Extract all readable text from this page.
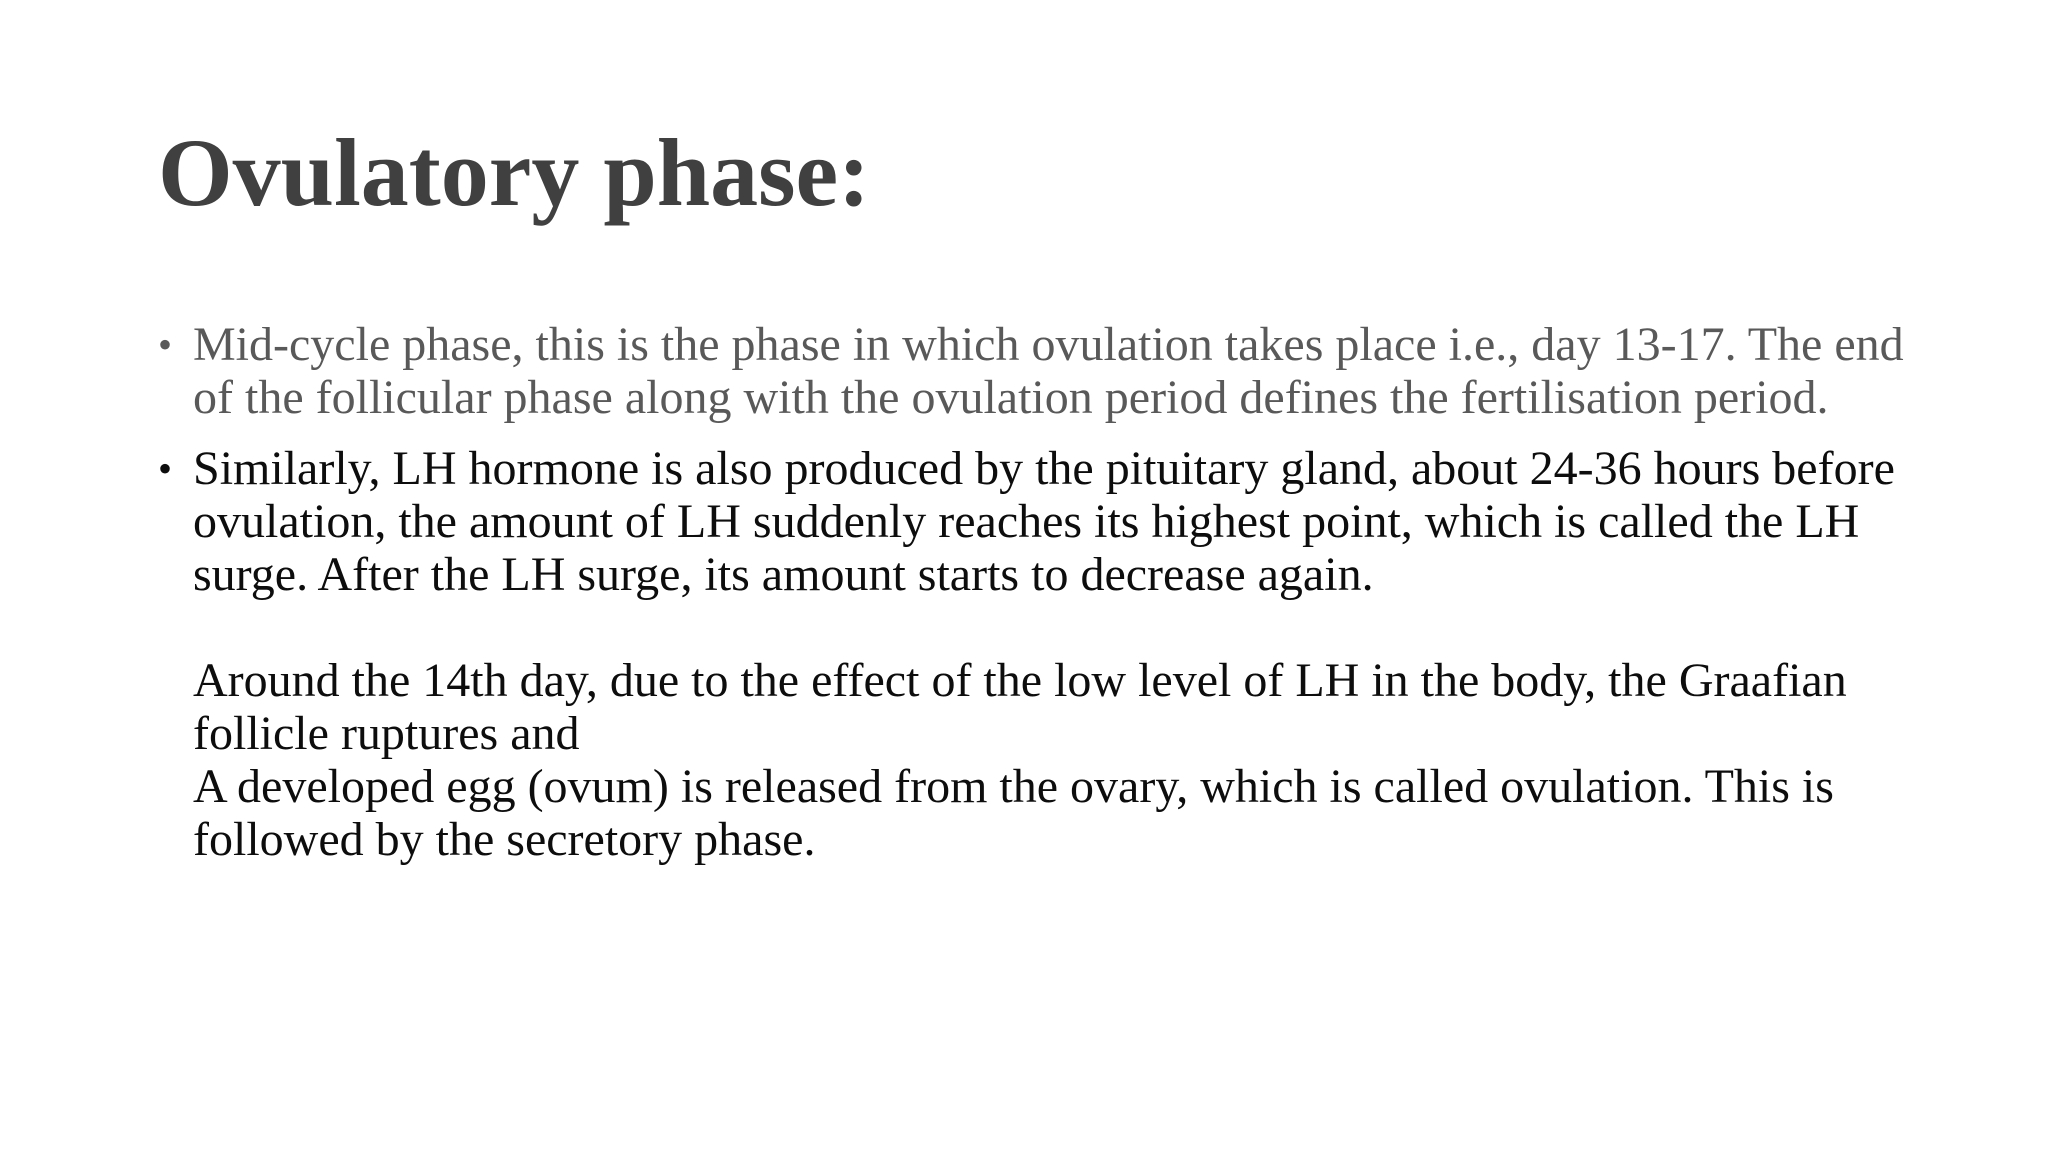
Ovulatory phase:
• Mid-cycle phase, this is the phase in which ovulation takes place i.e., day 13-17. The end of the follicular phase along with the ovulation period defines the fertilisation period.
• Similarly, LH hormone is also produced by the pituitary gland, about 24-36 hours before ovulation, the amount of LH suddenly reaches its highest point, which is called the LH surge. After the LH surge, its amount starts to decrease again.
Around the 14th day, due to the effect of the low level of LH in the body, the Graafian follicle ruptures and
A developed egg (ovum) is released from the ovary, which is called ovulation. This is followed by the secretory phase.
